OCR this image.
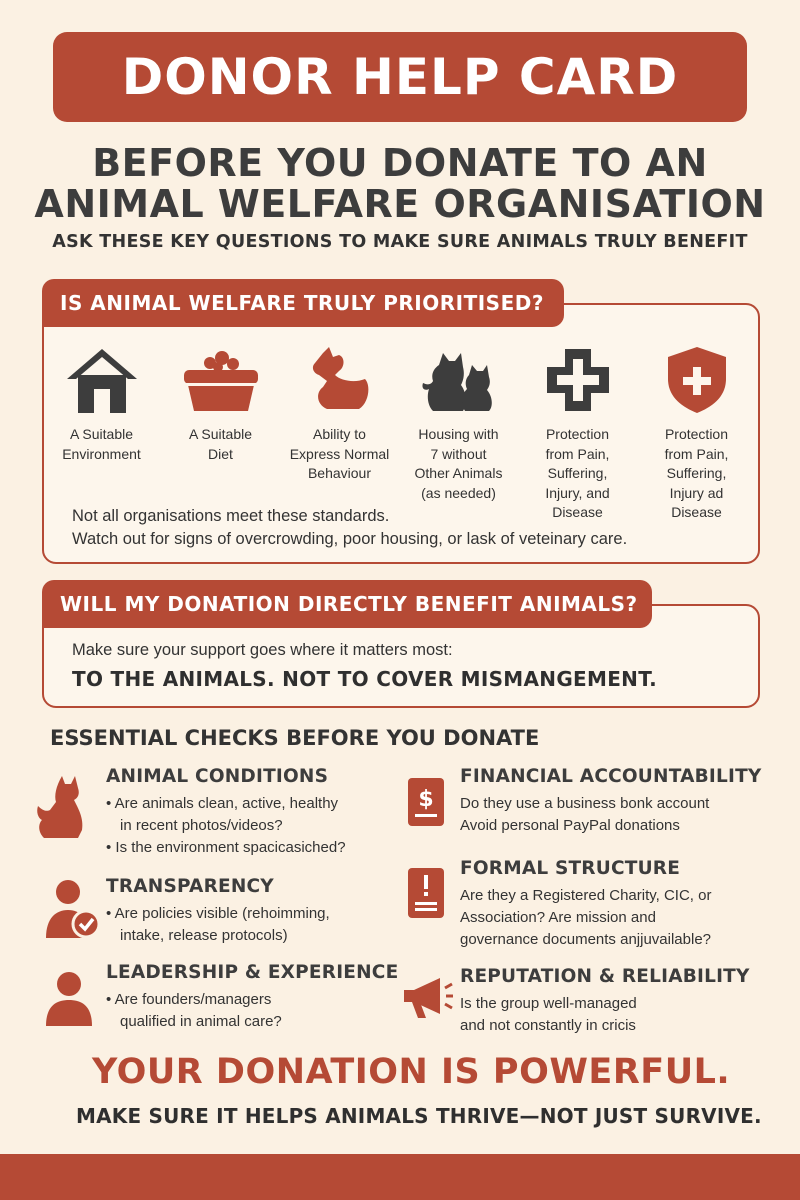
DONOR HELP CARD
BEFORE YOU DONATE TO AN
ANIMAL WELFARE ORGANISATION
ASK THESE KEY QUESTIONS TO MAKE SURE ANIMALS TRULY BENEFIT
IS ANIMAL WELFARE TRULY PRIORITISED?
A Suitable
Environment
A Suitable
Diet
Ability to
Express Normal
Behaviour
Housing with
7 without
Other Animals
(as needed)
Protection
from Pain,
Suffering,
Injury, and
Disease
Protection
from Pain,
Suffering,
Injury ad
Disease
Not all organisations meet these standards.
Watch out for signs of overcrowding, poor housing, or lask of veteinary care.
WILL MY DONATION DIRECTLY BENEFIT ANIMALS?
Make sure your support goes where it matters most:
TO THE ANIMALS. NOT TO COVER MISMANGEMENT.
ESSENTIAL CHECKS BEFORE YOU DONATE
ANIMAL CONDITIONS
• Are animals clean, active, healthy
in recent photos/videos?
• Is the environment spacicasiched?
TRANSPARENCY
• Are policies visible (rehoimming,
intake, release protocols)
LEADERSHIP & EXPERIENCE
• Are founders/managers
qualified in animal care?
$
FINANCIAL ACCOUNTABILITY
Do they use a business bonk account
Avoid personal PayPal donations
FORMAL STRUCTURE
Are they a Registered Charity, CIC, or
Association? Are mission and
governance documents anjjuvailable?
REPUTATION & RELIABILITY
Is the group well-managed
and not constantly in cricis
YOUR DONATION IS POWERFUL.
MAKE SURE IT HELPS ANIMALS THRIVE—NOT JUST SURVIVE.
